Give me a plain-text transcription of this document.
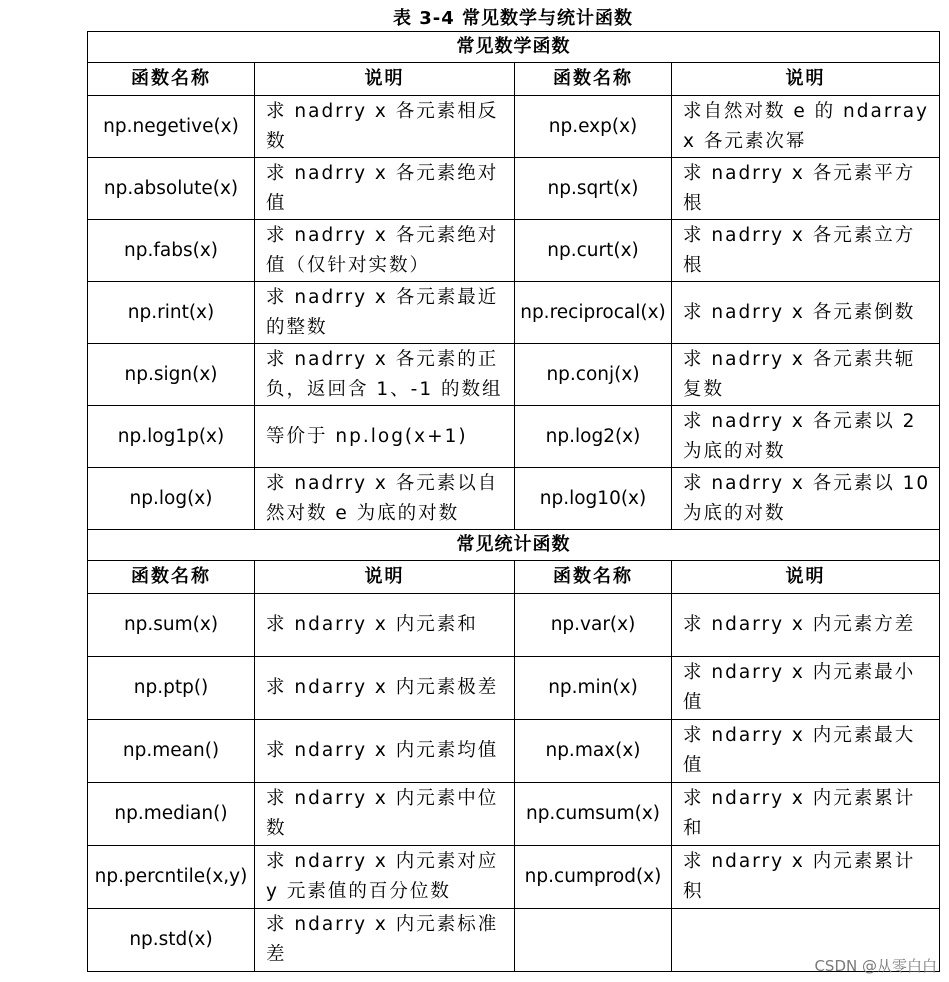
表 3-4 常见数学与统计函数
常见数学函数			
函数名称	说明	函数名称	说明
np.negetive(x)	求 nadrry x 各元素相反数	np.exp(x)	求自然对数 e 的 ndarray x 各元素次幂
np.absolute(x)	求 nadrry x 各元素绝对值	np.sqrt(x)	求 nadrry x 各元素平方根
np.fabs(x)	求 nadrry x 各元素绝对值（仅针对实数）	np.curt(x)	求 nadrry x 各元素立方根
np.rint(x)	求 nadrry x 各元素最近的整数	np.reciprocal(x)	求 nadrry x 各元素倒数
np.sign(x)	求 nadrry x 各元素的正负，返回含 1、-1 的数组	np.conj(x)	求 nadrry x 各元素共轭复数
np.log1p(x)	等价于 np.log(x+1)	np.log2(x)	求 nadrry x 各元素以 2 为底的对数
np.log(x)	求 nadrry x 各元素以自然对数 e 为底的对数	np.log10(x)	求 nadrry x 各元素以 10 为底的对数
常见统计函数			
函数名称	说明	函数名称	说明
np.sum(x)	求 ndarry x 内元素和	np.var(x)	求 ndarry x 内元素方差
np.ptp()	求 ndarry x 内元素极差	np.min(x)	求 ndarry x 内元素最小值
np.mean()	求 ndarry x 内元素均值	np.max(x)	求 ndarry x 内元素最大值
np.median()	求 ndarry x 内元素中位数	np.cumsum(x)	求 ndarry x 内元素累计和
np.percntile(x,y)	求 ndarry x 内元素对应 y 元素值的百分位数	np.cumprod(x)	求 ndarry x 内元素累计积
np.std(x)	求 ndarry x 内元素标准差		
CSDN @从零白白
